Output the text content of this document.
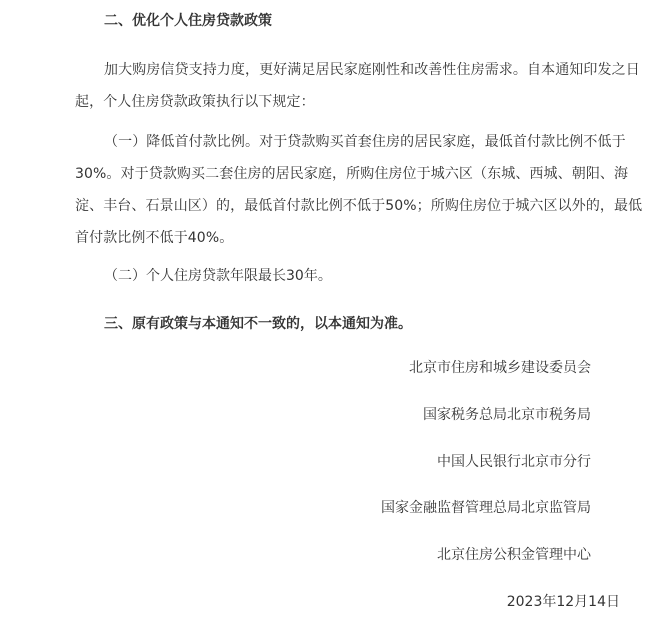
二、优化个人住房贷款政策
加大购房信贷支持力度，更好满足居民家庭刚性和改善性住房需求。自本通知印发之日起，个人住房贷款政策执行以下规定：
（一）降低首付款比例。对于贷款购买首套住房的居民家庭，最低首付款比例不低于30%。对于贷款购买二套住房的居民家庭，所购住房位于城六区（东城、西城、朝阳、海淀、丰台、石景山区）的，最低首付款比例不低于50%；所购住房位于城六区以外的，最低首付款比例不低于40%。
（二）个人住房贷款年限最长30年。
三、原有政策与本通知不一致的，以本通知为准。
北京市住房和城乡建设委员会
国家税务总局北京市税务局
中国人民银行北京市分行
国家金融监督管理总局北京监管局
北京住房公积金管理中心
2023年12月14日
